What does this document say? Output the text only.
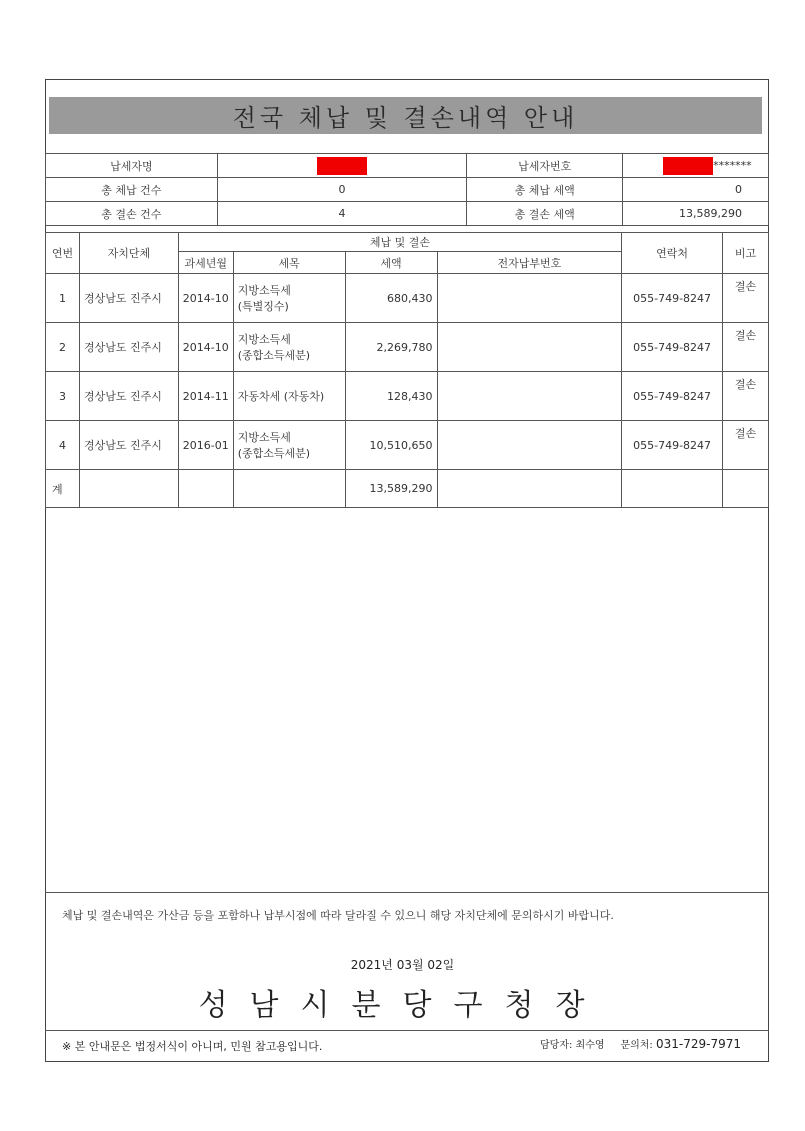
전국 체납 및 결손내역 안내
납세자명		납세자번호	*******
총 체납 건수	0	총 체납 세액	0
총 결손 건수	4	총 결손 세액	13,589,290
연번	자치단체	체납 및 결손				연락처	비고
		과세년월	세목	세액	전자납부번호		
1	경상남도 진주시	2014-10	지방소득세
(특별징수)	680,430		055-749-8247	결손
2	경상남도 진주시	2014-10	지방소득세
(종합소득세분)	2,269,780		055-749-8247	결손
3	경상남도 진주시	2014-11	자동차세 (자동차)	128,430		055-749-8247	결손
4	경상남도 진주시	2016-01	지방소득세
(종합소득세분)	10,510,650		055-749-8247	결손
계				13,589,290			
체납 및 결손내역은 가산금 등을 포함하나 납부시점에 따라 달라질 수 있으니 해당 자치단체에 문의하시기 바랍니다.
2021년 03월 02일
성남시분당구청장
※ 본 안내문은 법정서식이 아니며, 민원 참고용입니다.	담당자: 최수영 문의처: 031-729-7971
